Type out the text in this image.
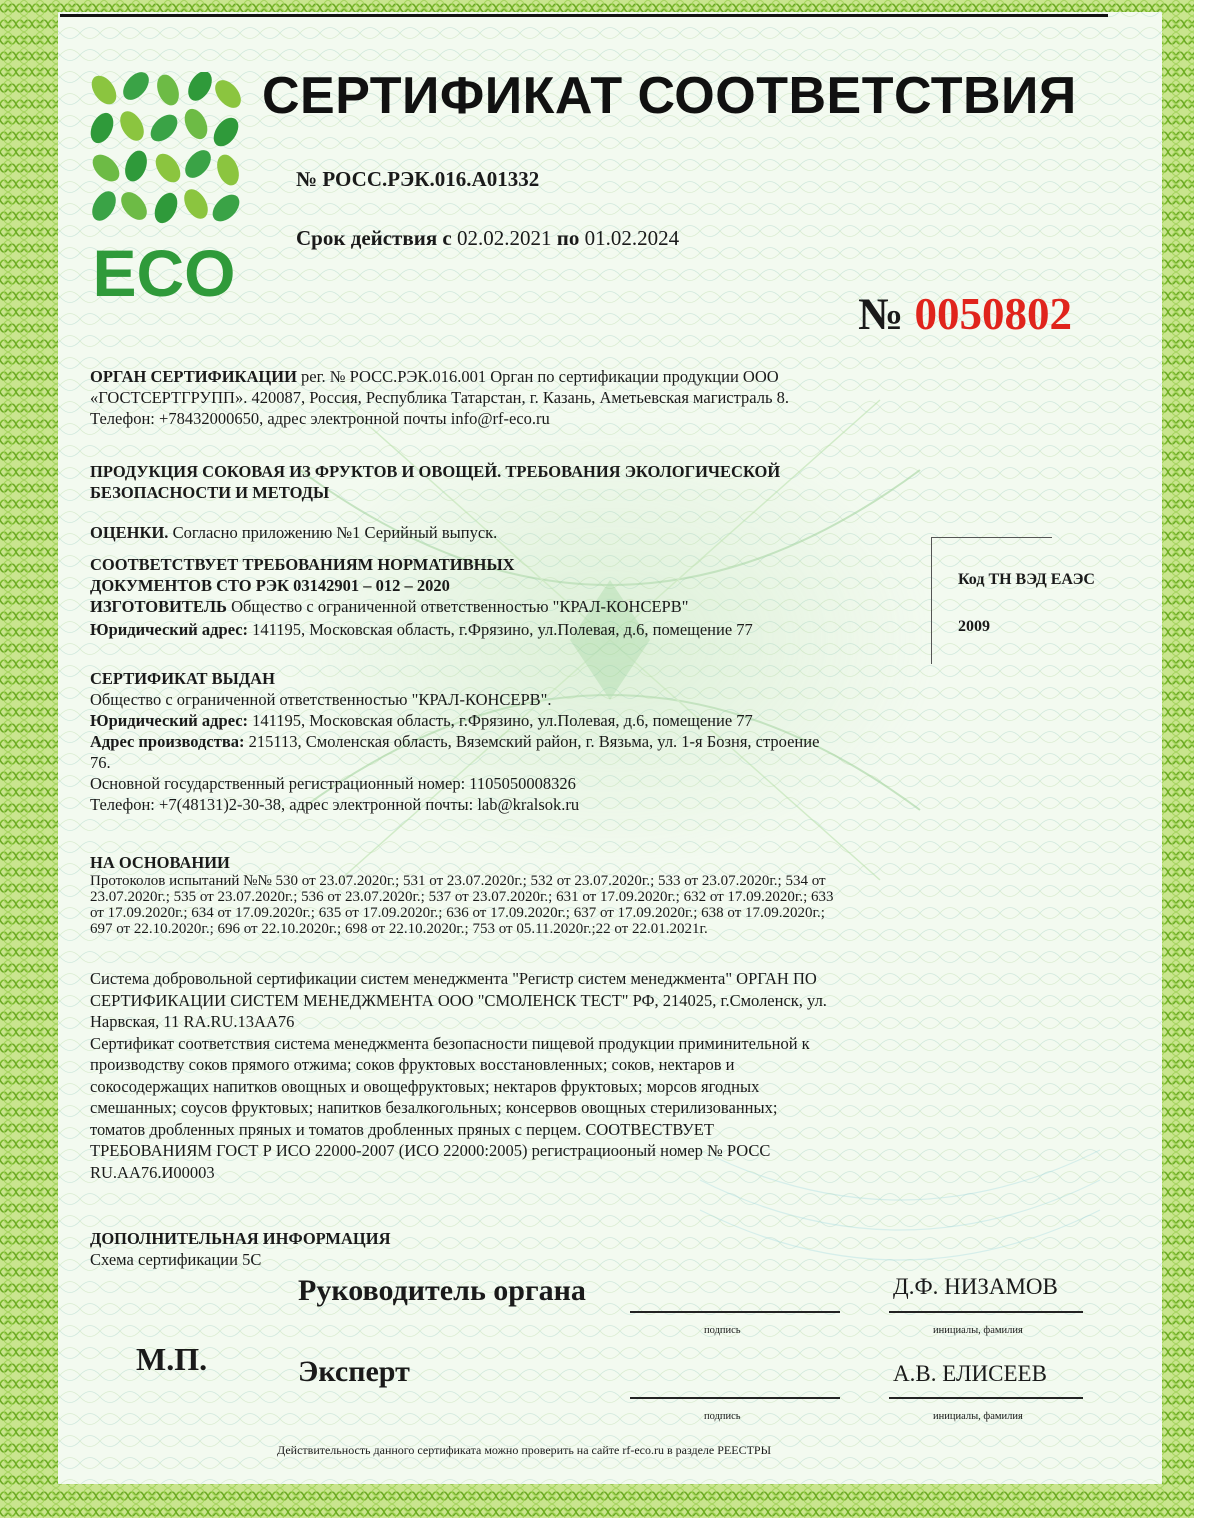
ECO
СЕРТИФИКАТ СООТВЕТСТВИЯ
№ РОСС.РЭК.016.А01332
Срок действия с 02.02.2021 по 01.02.2024
№ 0050802
ОРГАН СЕРТИФИКАЦИИ рег. № РОСС.РЭК.016.001 Орган по сертификации продукции ООО
«ГОСТСЕРТГРУПП». 420087, Россия, Республика Татарстан, г. Казань, Аметьевская магистраль 8.
Телефон: +78432000650, адрес электронной почты info@rf-eco.ru
ПРОДУКЦИЯ СОКОВАЯ ИЗ ФРУКТОВ И ОВОЩЕЙ. ТРЕБОВАНИЯ ЭКОЛОГИЧЕСКОЙ
БЕЗОПАСНОСТИ И МЕТОДЫ
ОЦЕНКИ. Согласно приложению №1 Серийный выпуск.
СООТВЕТСТВУЕТ ТРЕБОВАНИЯМ НОРМАТИВНЫХ
ДОКУМЕНТОВ СТО РЭК 03142901 – 012 – 2020
ИЗГОТОВИТЕЛЬ Общество с ограниченной ответственностью "КРАЛ-КОНСЕРВ"
Юридический адрес: 141195, Московская область, г.Фрязино, ул.Полевая, д.6, помещение 77
Код ТН ВЭД ЕАЭС
2009
СЕРТИФИКАТ ВЫДАН
Общество с ограниченной ответственностью "КРАЛ-КОНСЕРВ".
Юридический адрес: 141195, Московская область, г.Фрязино, ул.Полевая, д.6, помещение 77
Адрес производства: 215113, Смоленская область, Вяземский район, г. Вязьма, ул. 1-я Бозня, строение
76.
Основной государственный регистрационный номер: 1105050008326
Телефон: +7(48131)2-30-38, адрес электронной почты: lab@kralsok.ru
НА ОСНОВАНИИ
Протоколов испытаний №№ 530 от 23.07.2020г.; 531 от 23.07.2020г.; 532 от 23.07.2020г.; 533 от 23.07.2020г.; 534 от
23.07.2020г.; 535 от 23.07.2020г.; 536 от 23.07.2020г.; 537 от 23.07.2020г.; 631 от 17.09.2020г.; 632 от 17.09.2020г.; 633
от 17.09.2020г.; 634 от 17.09.2020г.; 635 от 17.09.2020г.; 636 от 17.09.2020г.; 637 от 17.09.2020г.; 638 от 17.09.2020г.;
697 от 22.10.2020г.; 696 от 22.10.2020г.; 698 от 22.10.2020г.; 753 от 05.11.2020г.;22 от 22.01.2021г.
Система добровольной сертификации систем менеджмента "Регистр систем менеджмента" ОРГАН ПО
СЕРТИФИКАЦИИ СИСТЕМ МЕНЕДЖМЕНТА ООО "СМОЛЕНСК ТЕСТ" РФ, 214025, г.Смоленск, ул.
Нарвская, 11 RA.RU.13АА76
Сертификат соответствия система менеджмента безопасности пищевой продукции приминительной к
производству соков прямого отжима; соков фруктовых восстановленных; соков, нектаров и
сокосодержащих напитков овощных и овощефруктовых; нектаров фруктовых; морсов ягодных
смешанных; соусов фруктовых; напитков безалкогольных; консервов овощных стерилизованных;
томатов дробленных пряных и томатов дробленных пряных с перцем. СООТВЕСТВУЕТ
ТРЕБОВАНИЯМ ГОСТ Р ИСО 22000-2007 (ИСО 22000:2005) регистрациооный номер № РОСС
RU.АА76.И00003
ДОПОЛНИТЕЛЬНАЯ ИНФОРМАЦИЯ
Схема сертификации 5С
Руководитель органа
подпись
Д.Ф. НИЗАМОВ
инициалы, фамилия
М.П.	Эксперт
подпись
А.В. ЕЛИСЕЕВ
инициалы, фамилия
Действительность данного сертификата можно проверить на сайте rf-eco.ru в разделе РЕЕСТРЫ
